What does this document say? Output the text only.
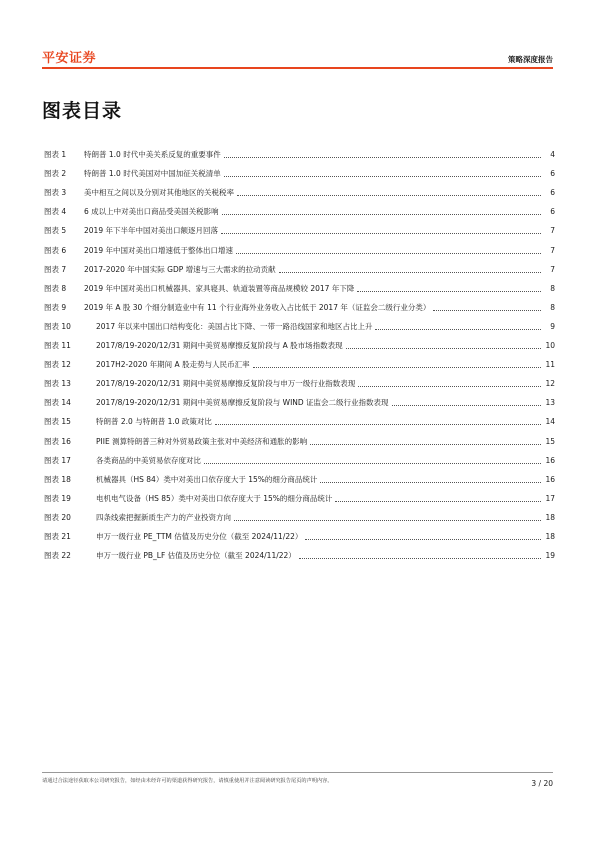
平安证券	策略深度报告
图表目录
图表 1	特朗普 1.0 时代中美关系反复的重要事件	4
图表 2	特朗普 1.0 时代美国对中国加征关税清单	6
图表 3	美中相互之间以及分别对其他地区的关税税率	6
图表 4	6 成以上中对美出口商品受美国关税影响	6
图表 5	2019 年下半年中国对美出口额逐月回落	7
图表 6	2019 年中国对美出口增速低于整体出口增速	7
图表 7	2017-2020 年中国实际 GDP 增速与三大需求的拉动贡献	7
图表 8	2019 年中国对美出口机械器具、家具寝具、轨道装置等商品规模较 2017 年下降	8
图表 9	2019 年 A 股 30 个细分制造业中有 11 个行业海外业务收入占比低于 2017 年（证监会二级行业分类）	8
图表 10	2017 年以来中国出口结构变化：美国占比下降、一带一路沿线国家和地区占比上升	9
图表 11	2017/8/19-2020/12/31 期间中美贸易摩擦反复阶段与 A 股市场指数表现	10
图表 12	2017H2-2020 年期间 A 股走势与人民币汇率	11
图表 13	2017/8/19-2020/12/31 期间中美贸易摩擦反复阶段与申万一级行业指数表现	12
图表 14	2017/8/19-2020/12/31 期间中美贸易摩擦反复阶段与 WIND 证监会二级行业指数表现	13
图表 15	特朗普 2.0 与特朗普 1.0 政策对比	14
图表 16	PIIE 测算特朗普三种对外贸易政策主张对中美经济和通胀的影响	15
图表 17	各类商品的中美贸易依存度对比	16
图表 18	机械器具（HS 84）类中对美出口依存度大于 15%的细分商品统计	16
图表 19	电机电气设备（HS 85）类中对美出口依存度大于 15%的细分商品统计	17
图表 20	四条线索把握新质生产力的产业投资方向	18
图表 21	申万一级行业 PE_TTM 估值及历史分位（截至 2024/11/22）	18
图表 22	申万一级行业 PB_LF 估值及历史分位（截至 2024/11/22）	19
请通过合法途径获取本公司研究报告，如经由未经许可的渠道获得研究报告，请慎重使用并注意阅读研究报告尾页的声明内容。	3 / 20
